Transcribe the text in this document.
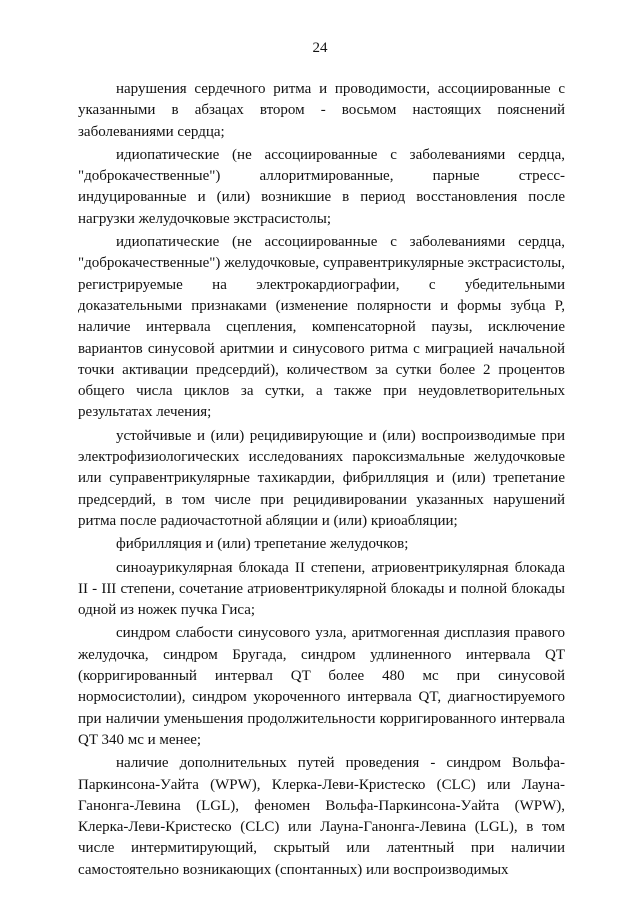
24

нарушения сердечного ритма и проводимости, ассоциированные с указанными в абзацах втором - восьмом настоящих пояснений заболеваниями сердца;

идиопатические (не ассоциированные с заболеваниями сердца, "доброкачественные") аллоритмированные, парные стресс-индуцированные и (или) возникшие в период восстановления после нагрузки желудочковые экстрасистолы;

идиопатические (не ассоциированные с заболеваниями сердца, "доброкачественные") желудочковые, суправентрикулярные экстрасистолы, регистрируемые на электрокардиографии, с убедительными доказательными признаками (изменение полярности и формы зубца P, наличие интервала сцепления, компенсаторной паузы, исключение вариантов синусовой аритмии и синусового ритма с миграцией начальной точки активации предсердий), количеством за сутки более 2 процентов общего числа циклов за сутки, а также при неудовлетворительных результатах лечения;

устойчивые и (или) рецидивирующие и (или) воспроизводимые при электрофизиологических исследованиях пароксизмальные желудочковые или суправентрикулярные тахикардии, фибрилляция и (или) трепетание предсердий, в том числе при рецидивировании указанных нарушений ритма после радиочастотной абляции и (или) криоабляции;

фибрилляция и (или) трепетание желудочков;

синоаурикулярная блокада II степени, атриовентрикулярная блокада II - III степени, сочетание атриовентрикулярной блокады и полной блокады одной из ножек пучка Гиса;

синдром слабости синусового узла, аритмогенная дисплазия правого желудочка, синдром Бругада, синдром удлиненного интервала QT (корригированный интервал QT более 480 мс при синусовой нормосистолии), синдром укороченного интервала QT, диагностируемого при наличии уменьшения продолжительности корригированного интервала QT 340 мс и менее;

наличие дополнительных путей проведения - синдром Вольфа-Паркинсона-Уайта (WPW), Клерка-Леви-Кристеско (CLC) или Лауна-Ганонга-Левина (LGL), феномен Вольфа-Паркинсона-Уайта (WPW), Клерка-Леви-Кристеско (CLC) или Лауна-Ганонга-Левина (LGL), в том числе интермитирующий, скрытый или латентный при наличии самостоятельно возникающих (спонтанных) или воспроизводимых
